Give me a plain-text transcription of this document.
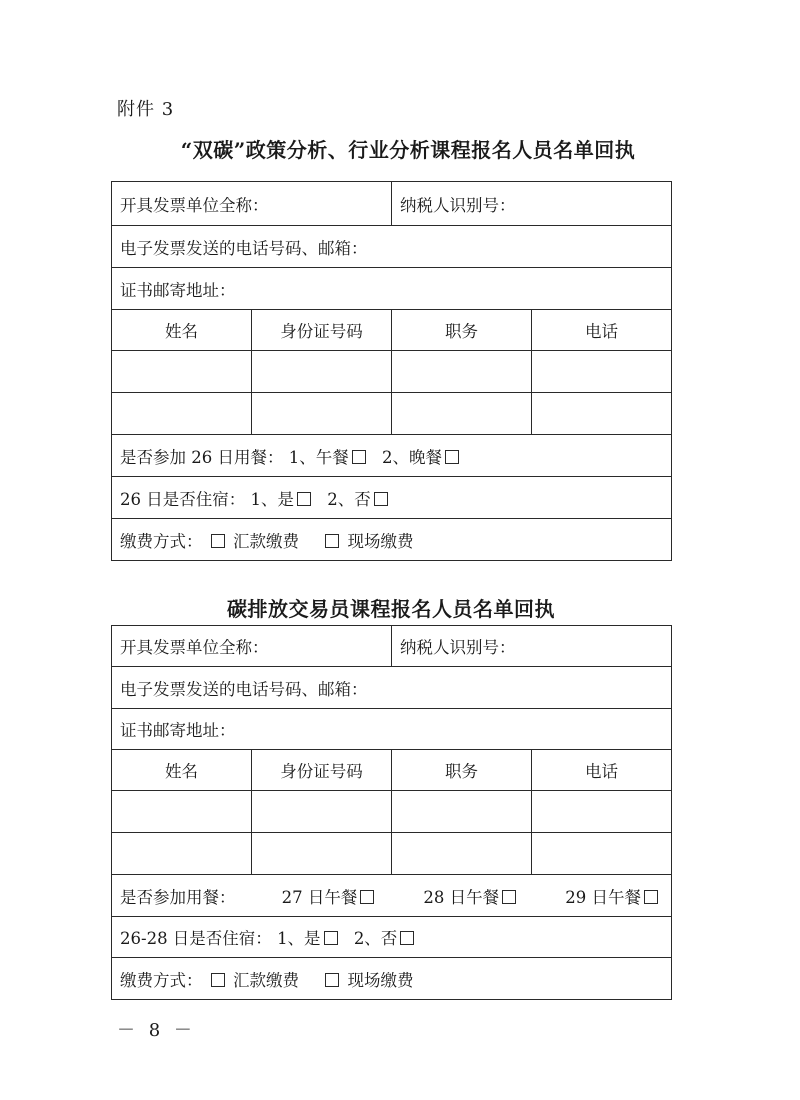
附件 3
“双碳”政策分析、行业分析课程报名人员名单回执
开具发票单位全称：		纳税人识别号：	
电子发票发送的电话号码、邮箱：			
证书邮寄地址：			
姓名	身份证号码	职务	电话

是否参加 26 日用餐： 1、午餐 2、晚餐			
26 日是否住宿： 1、是 2、否			
缴费方式： 汇款缴费 现场缴费			
碳排放交易员课程报名人员名单回执
开具发票单位全称：		纳税人识别号：	
电子发票发送的电话号码、邮箱：			
证书邮寄地址：			
姓名	身份证号码	职务	电话

是否参加用餐： 27 日午餐 28 日午餐 29 日午餐			

26-28 日是否住宿： 1、是 2、否			
缴费方式： 汇款缴费 现场缴费			
－ 8 －
